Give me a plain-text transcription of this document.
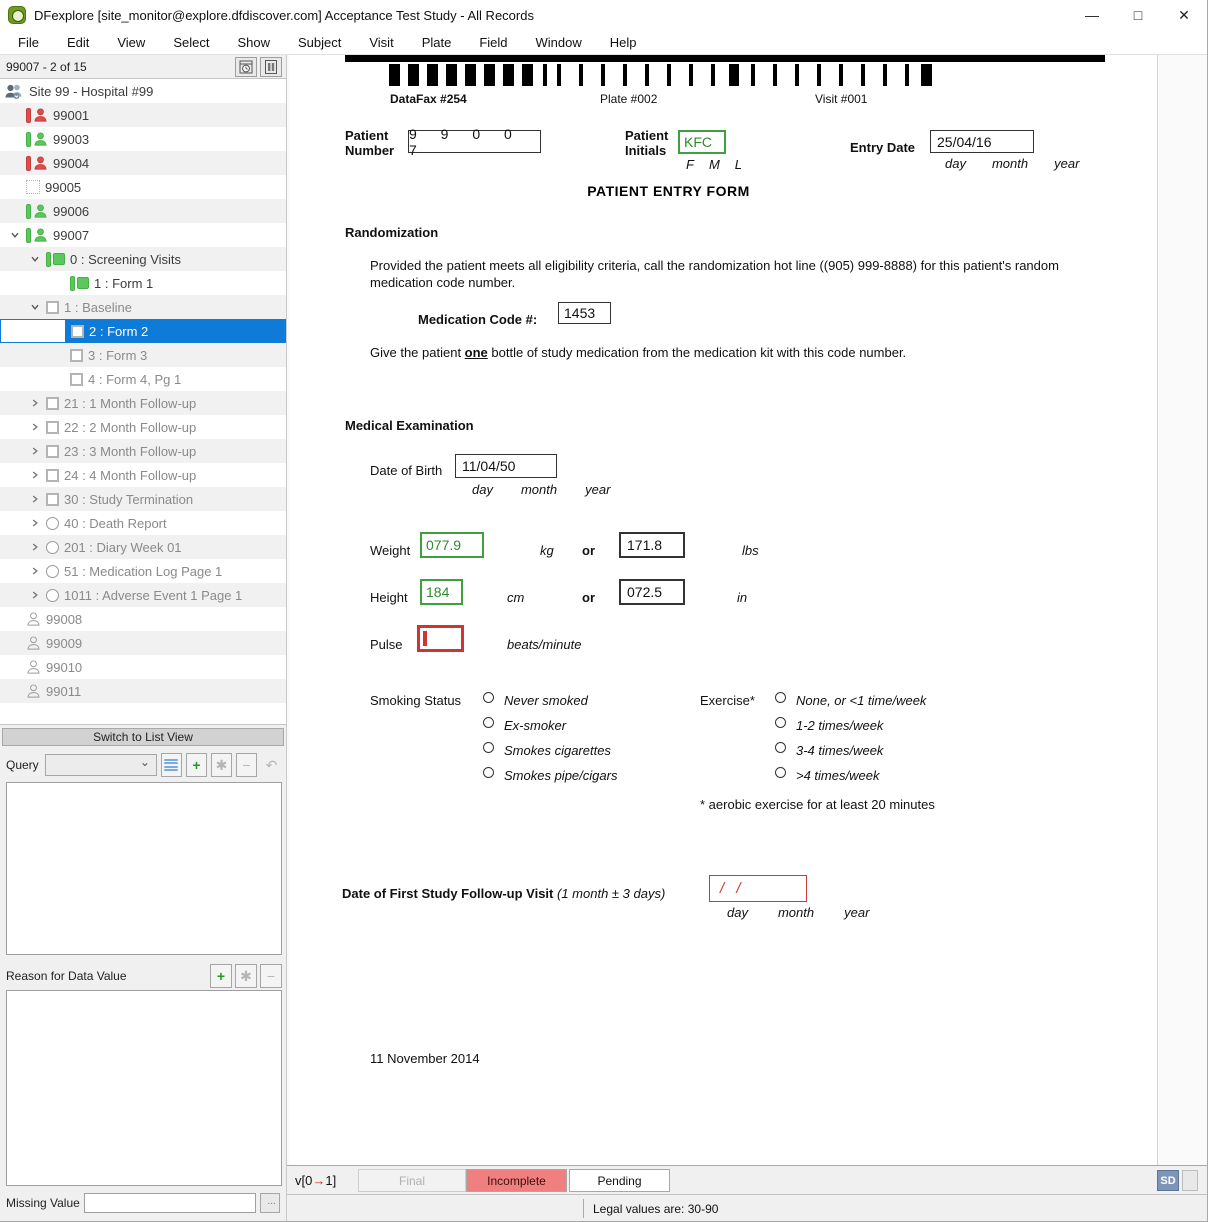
DFexplore [site_monitor@explore.dfdiscover.com] Acceptance Test Study - All Records	—	□	✕
File	Edit	View	Select	Show	Subject	Visit	Plate	Field	Window	Help
99007 - 2 of 15
Site 99 - Hospital #99
99001
99003
99004
99005
99006
99007
0 : Screening Visits
1 : Form 1
1 : Baseline
2 : Form 2
3 : Form 3
4 : Form 4, Pg 1
21 : 1 Month Follow-up
22 : 2 Month Follow-up
23 : 3 Month Follow-up
24 : 4 Month Follow-up
30 : Study Termination
40 : Death Report
201 : Diary Week 01
51 : Medication Log Page 1
1011 : Adverse Event 1 Page 1
99008
99009
99010
99011
Switch to List View
Query ⌄	+	✱	−	↶
Reason for Data Value	+	✱	−
Missing Value	...
DataFax #254	Plate #002	Visit #001
Patient
Number
9 9 0 0 7
Patient
Initials
KFC
F M L
Entry Date	25/04/16
day month year
PATIENT ENTRY FORM
Randomization
Provided the patient meets all eligibility criteria, call the randomization hot line ((905) 999-8888) for this patient's random medication code number.
Medication Code #:	1453
Give the patient one bottle of study medication from the medication kit with this code number.
Medical Examination
Date of Birth	11/04/50
day month year
Weight	077.9	kg or	171.8	lbs
Height	184	cm	or	072.5	in
Pulse	beats/minute
Smoking Status	Never smoked
Ex-smoker
Smokes cigarettes
Smokes pipe/cigars
Exercise*	None, or <1 time/week
1-2 times/week
3-4 times/week
>4 times/week
* aerobic exercise for at least 20 minutes
Date of First Study Follow-up Visit (1 month ± 3 days)	/ /
day month year
11 November 2014
v[0→1]	Final	Incomplete	Pending	SD
Legal values are: 30-90
